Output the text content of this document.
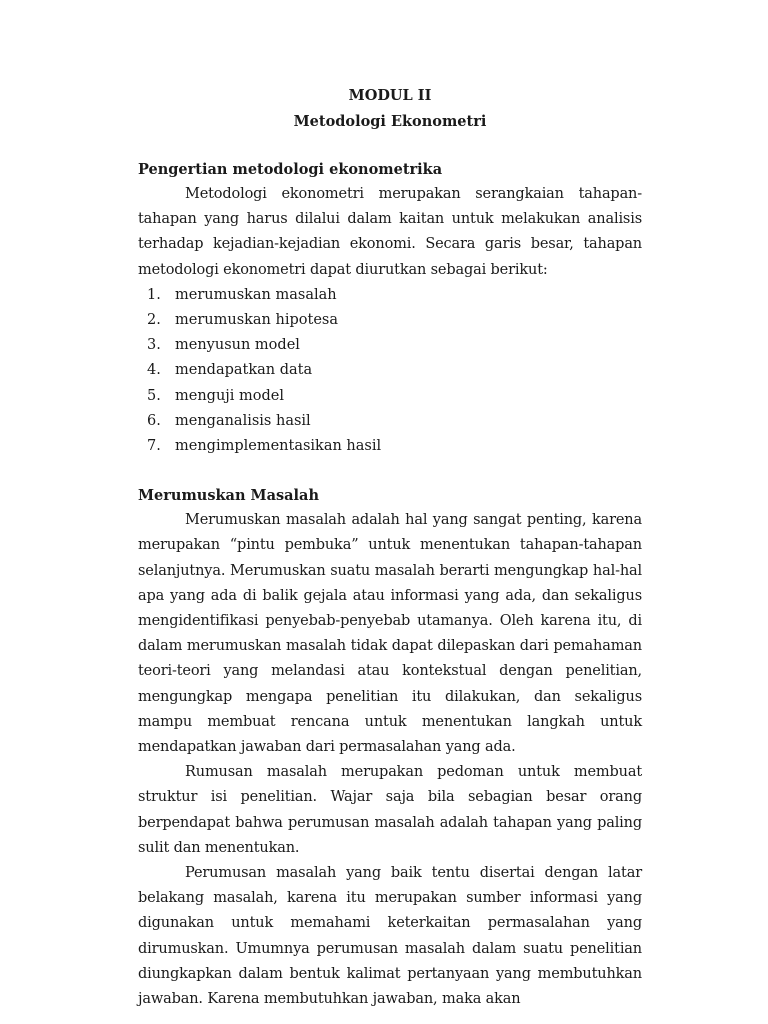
MODUL II

Metodologi Ekonometri

Pengertian metodologi ekonometrika

Metodologi ekonometri merupakan serangkaian tahapan-tahapan yang harus dilalui dalam kaitan untuk melakukan analisis terhadap kejadian-kejadian ekonomi. Secara garis besar, tahapan metodologi ekonometri dapat diurutkan sebagai berikut:

1. merumuskan masalah
2. merumuskan hipotesa
3. menyusun model
4. mendapatkan data
5. menguji model
6. menganalisis hasil
7. mengimplementasikan hasil

Merumuskan Masalah

Merumuskan masalah adalah hal yang sangat penting, karena merupakan “pintu pembuka” untuk menentukan tahapan-tahapan selanjutnya. Merumuskan suatu masalah berarti mengungkap hal-hal apa yang ada di balik gejala atau informasi yang ada, dan sekaligus mengidentifikasi penyebab-penyebab utamanya. Oleh karena itu, di dalam merumuskan masalah tidak dapat dilepaskan dari pemahaman teori-teori yang melandasi atau kontekstual dengan penelitian, mengungkap mengapa penelitian itu dilakukan, dan sekaligus mampu membuat rencana untuk menentukan langkah untuk mendapatkan jawaban dari permasalahan yang ada.

Rumusan masalah merupakan pedoman untuk membuat struktur isi penelitian. Wajar saja bila sebagian besar orang berpendapat bahwa perumusan masalah adalah tahapan yang paling sulit dan menentukan.

Perumusan masalah yang baik tentu disertai dengan latar belakang masalah, karena itu merupakan sumber informasi yang digunakan untuk memahami keterkaitan permasalahan yang dirumuskan. Umumnya perumusan masalah dalam suatu penelitian diungkapkan dalam bentuk kalimat pertanyaan yang membutuhkan jawaban. Karena membutuhkan jawaban, maka akan
